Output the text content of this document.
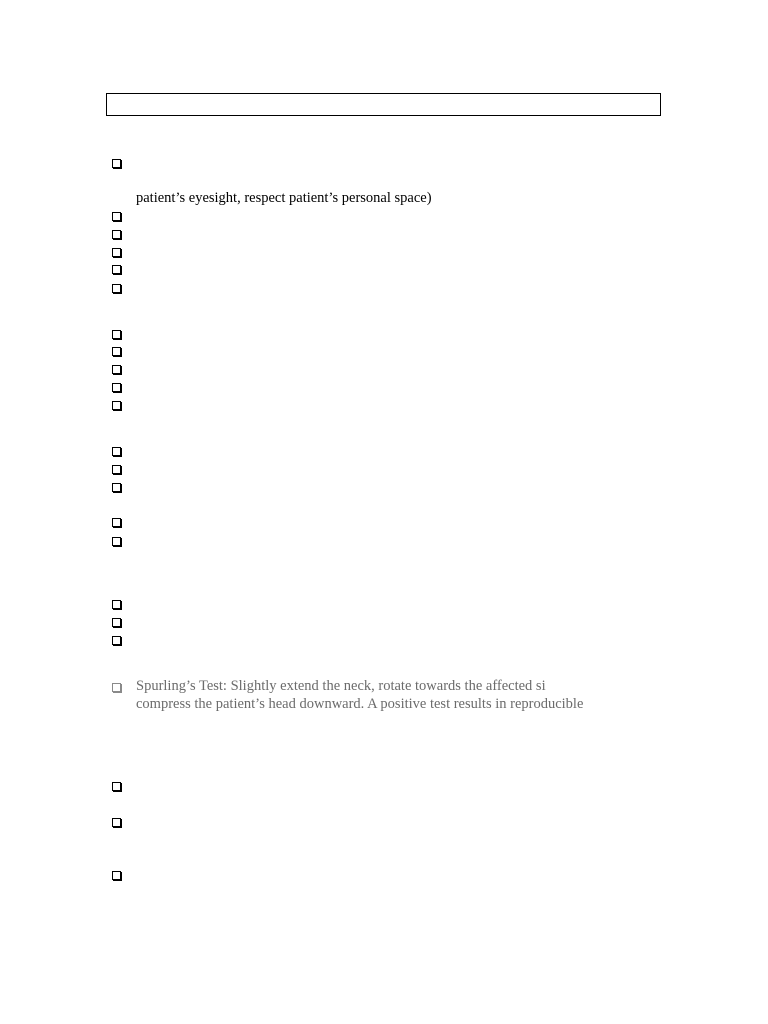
patient’s eyesight, respect patient’s personal space)
Spurling’s Test: Slightly extend the neck, rotate towards the affected si
compress the patient’s head downward. A positive test results in reproducible
